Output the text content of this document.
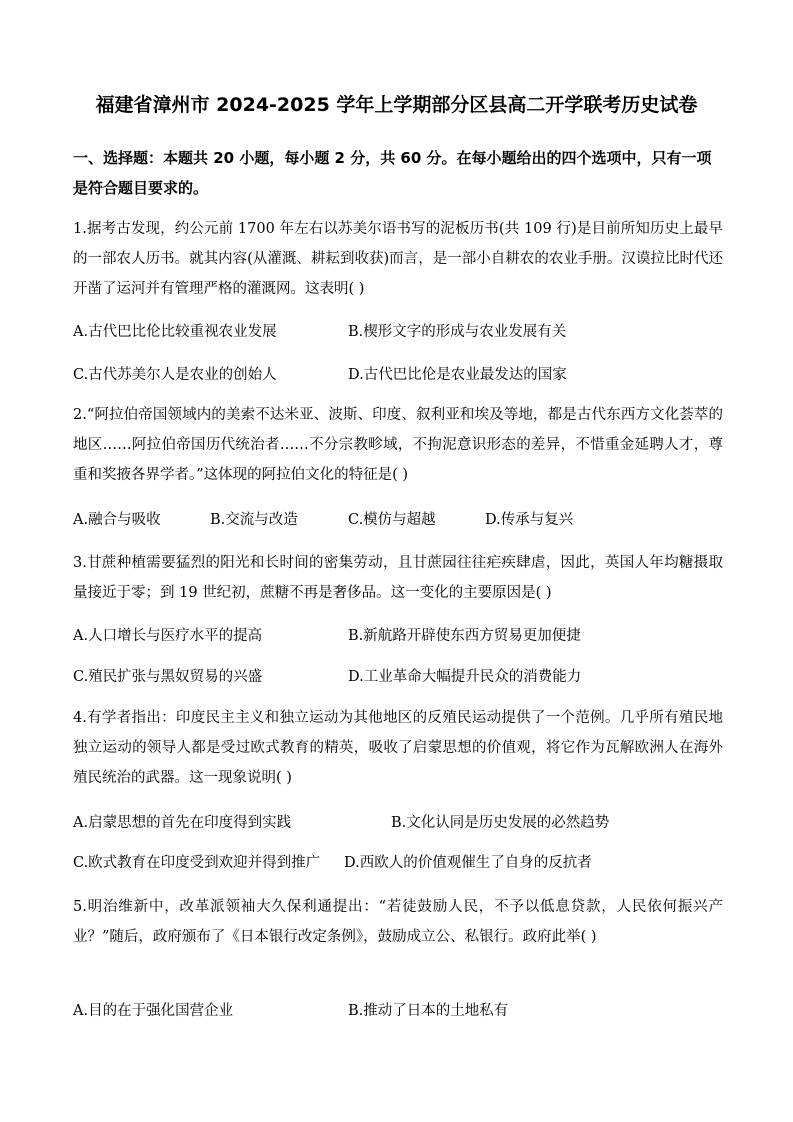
福建省漳州市 2024-2025 学年上学期部分区县高二开学联考历史试卷
一、选择题：本题共 20 小题，每小题 2 分，共 60 分。在每小题给出的四个选项中，只有一项是符合题目要求的。
1.据考古发现，约公元前 1700 年左右以苏美尔语书写的泥板历书(共 109 行)是目前所知历史上最早的一部农人历书。就其内容(从灌溉、耕耘到收获)而言，是一部小自耕农的农业手册。汉谟拉比时代还开凿了运河并有管理严格的灌溉网。这表明( )
A.古代巴比伦比较重视农业发展	B.楔形文字的形成与农业发展有关
C.古代苏美尔人是农业的创始人	D.古代巴比伦是农业最发达的国家
2.“阿拉伯帝国领域内的美索不达米亚、波斯、印度、叙利亚和埃及等地，都是古代东西方文化荟萃的地区……阿拉伯帝国历代统治者……不分宗教畛域，不拘泥意识形态的差异，不惜重金延聘人才，尊重和奖掖各界学者。”这体现的阿拉伯文化的特征是( )
A.融合与吸收	B.交流与改造	C.模仿与超越	D.传承与复兴
3.甘蔗种植需要猛烈的阳光和长时间的密集劳动，且甘蔗园往往疟疾肆虐，因此，英国人年均糖摄取量接近于零；到 19 世纪初，蔗糖不再是奢侈品。这一变化的主要原因是( )
A.人口增长与医疗水平的提高	B.新航路开辟使东西方贸易更加便捷
C.殖民扩张与黑奴贸易的兴盛	D.工业革命大幅提升民众的消费能力
4.有学者指出：印度民主主义和独立运动为其他地区的反殖民运动提供了一个范例。几乎所有殖民地独立运动的领导人都是受过欧式教育的精英，吸收了启蒙思想的价值观，将它作为瓦解欧洲人在海外殖民统治的武器。这一现象说明( )
A.启蒙思想的首先在印度得到实践	B.文化认同是历史发展的必然趋势
C.欧式教育在印度受到欢迎并得到推广 D.西欧人的价值观催生了自身的反抗者
5.明治维新中，改革派领袖大久保利通提出：“若徒鼓励人民，不予以低息贷款，人民依何振兴产业？”随后，政府颁布了《日本银行改定条例》，鼓励成立公、私银行。政府此举( )
A.目的在于强化国营企业	B.推动了日本的土地私有
